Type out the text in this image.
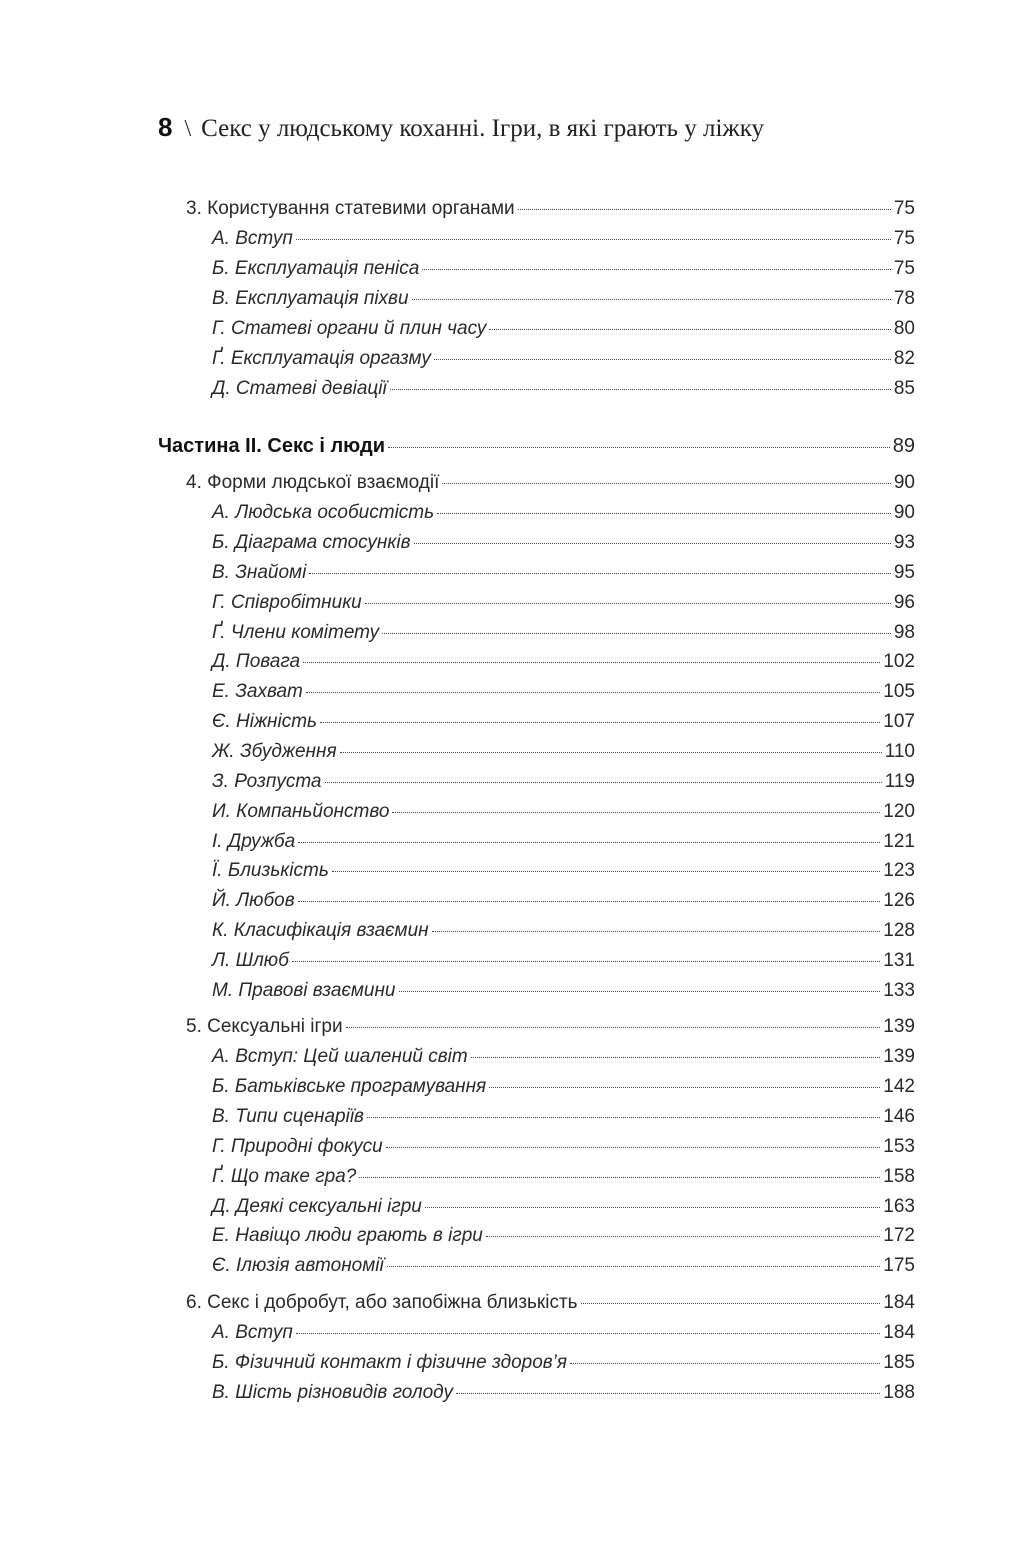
8 \ Секс у людському коханні. Ігри, в які грають у ліжку
3. Користування статевими органами	75
А. Вступ	75
Б. Експлуатація пеніса	75
В. Експлуатація піхви	78
Г. Статеві органи й плин часу	80
Ґ. Експлуатація оргазму	82
Д. Статеві девіації	85
Частина II. Секс і люди	89
4. Форми людської взаємодії	90
А. Людська особистість	90
Б. Діаграма стосунків	93
В. Знайомі	95
Г. Співробітники	96
Ґ. Члени комітету	98
Д. Повага	102
Е. Захват	105
Є. Ніжність	107
Ж. Збудження	110
З. Розпуста	119
И. Компаньйонство	120
І. Дружба	121
Ї. Близькість	123
Й. Любов	126
К. Класифікація взаємин	128
Л. Шлюб	131
М. Правові взаємини	133
5. Сексуальні ігри	139
А. Вступ: Цей шалений світ	139
Б. Батьківське програмування	142
В. Типи сценаріїв	146
Г. Природні фокуси	153
Ґ. Що таке гра?	158
Д. Деякі сексуальні ігри	163
Е. Навіщо люди грають в ігри	172
Є. Ілюзія автономії	175
6. Секс і добробут, або запобіжна близькість	184
А. Вступ	184
Б. Фізичний контакт і фізичне здоров’я	185
В. Шість різновидів голоду	188
